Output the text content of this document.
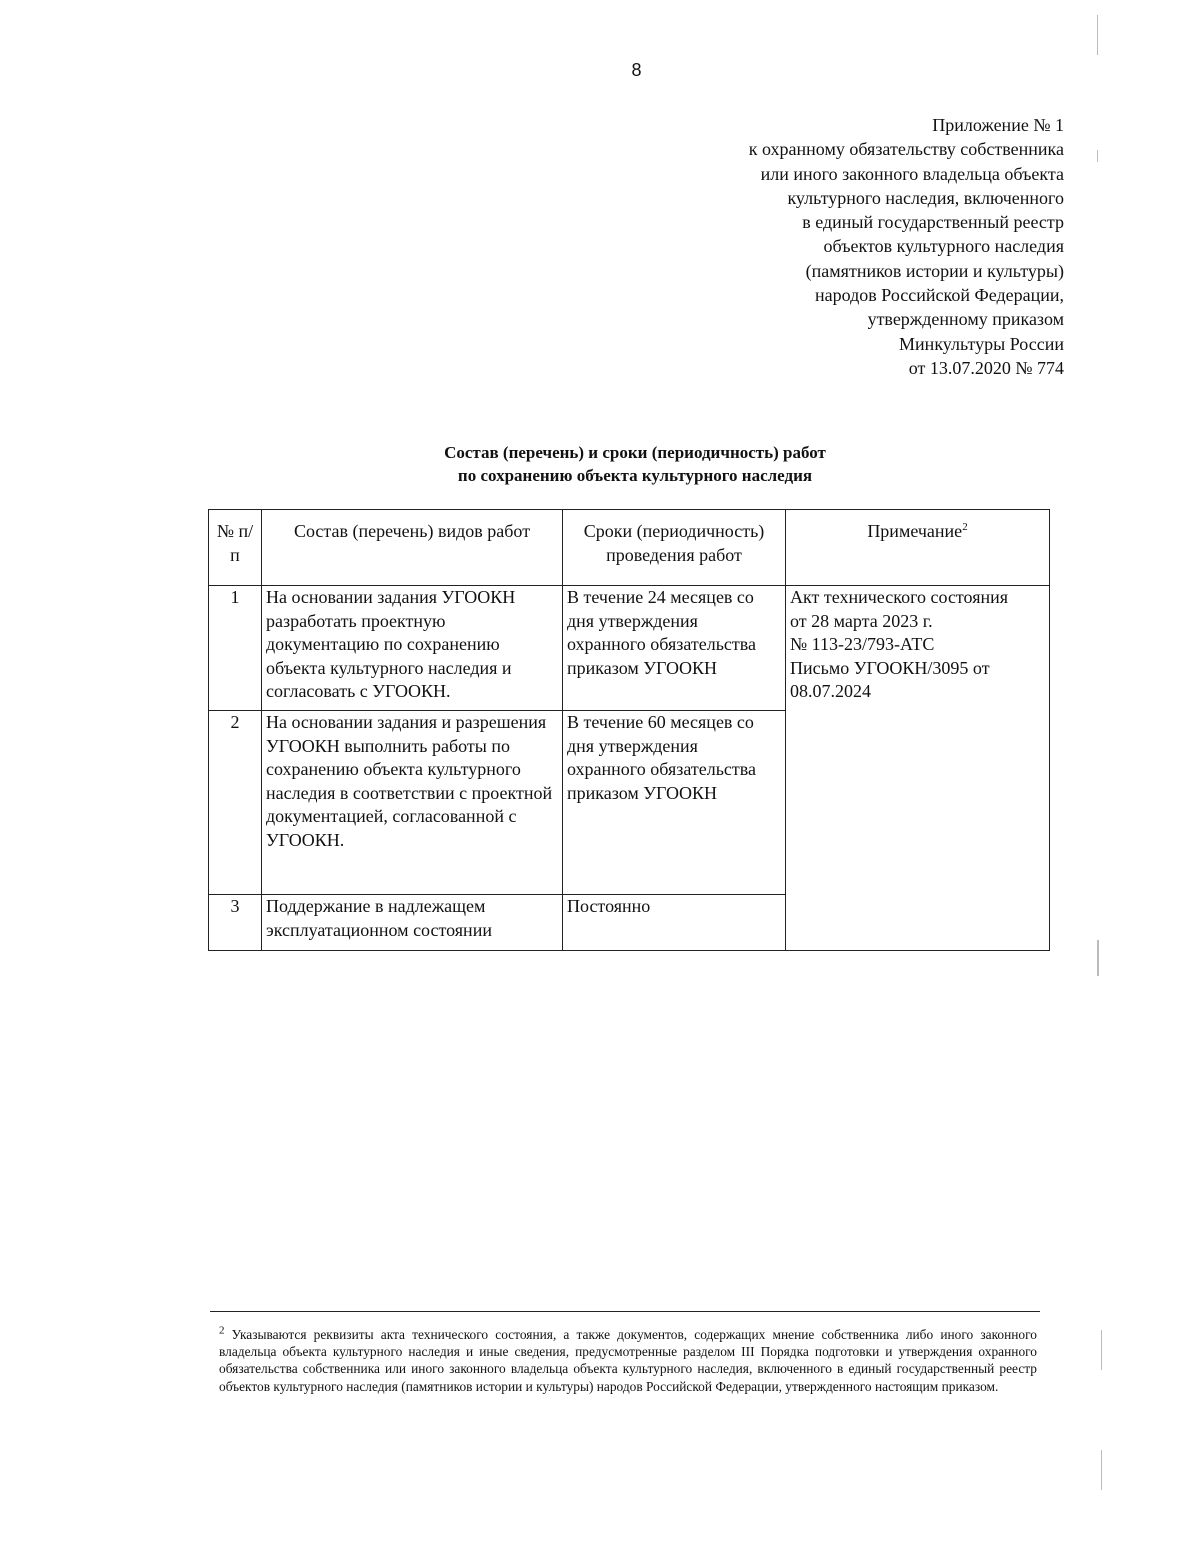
8
Приложение № 1
к охранному обязательству собственника
или иного законного владельца объекта
культурного наследия, включенного
в единый государственный реестр
объектов культурного наследия
(памятников истории и культуры)
народов Российской Федерации,
утвержденному приказом
Минкультуры России
от 13.07.2020 № 774
Состав (перечень) и сроки (периодичность) работ
по сохранению объекта культурного наследия
№ п/п	Состав (перечень) видов работ	Сроки (периодичность) проведения работ	Примечание$^2$
1	На основании задания УГООКН разработать проектную документацию по сохранению объекта культурного наследия и согласовать с УГООКН.	В течение 24 месяцев со дня утверждения охранного обязательства приказом УГООКН	Акт технического состояния
от 28 марта 2023 г.
№ 113-23/793-АТС
Письмо УГООКН/3095 от
08.07.2024

2	На основании задания и разрешения УГООКН выполнить работы по сохранению объекта культурного наследия в соответствии с проектной документацией, согласованной с УГООКН.	В течение 60 месяцев со дня утверждения охранного обязательства приказом УГООКН	
3	Поддержание в надлежащем эксплуатационном состоянии	Постоянно	
$^2$ Указываются реквизиты акта технического состояния, а также документов, содержащих мнение собственника либо иного законного владельца объекта культурного наследия и иные сведения, предусмотренные разделом III Порядка подготовки и утверждения охранного обязательства собственника или иного законного владельца объекта культурного наследия, включенного в единый государственный реестр объектов культурного наследия (памятников истории и культуры) народов Российской Федерации, утвержденного настоящим приказом.
